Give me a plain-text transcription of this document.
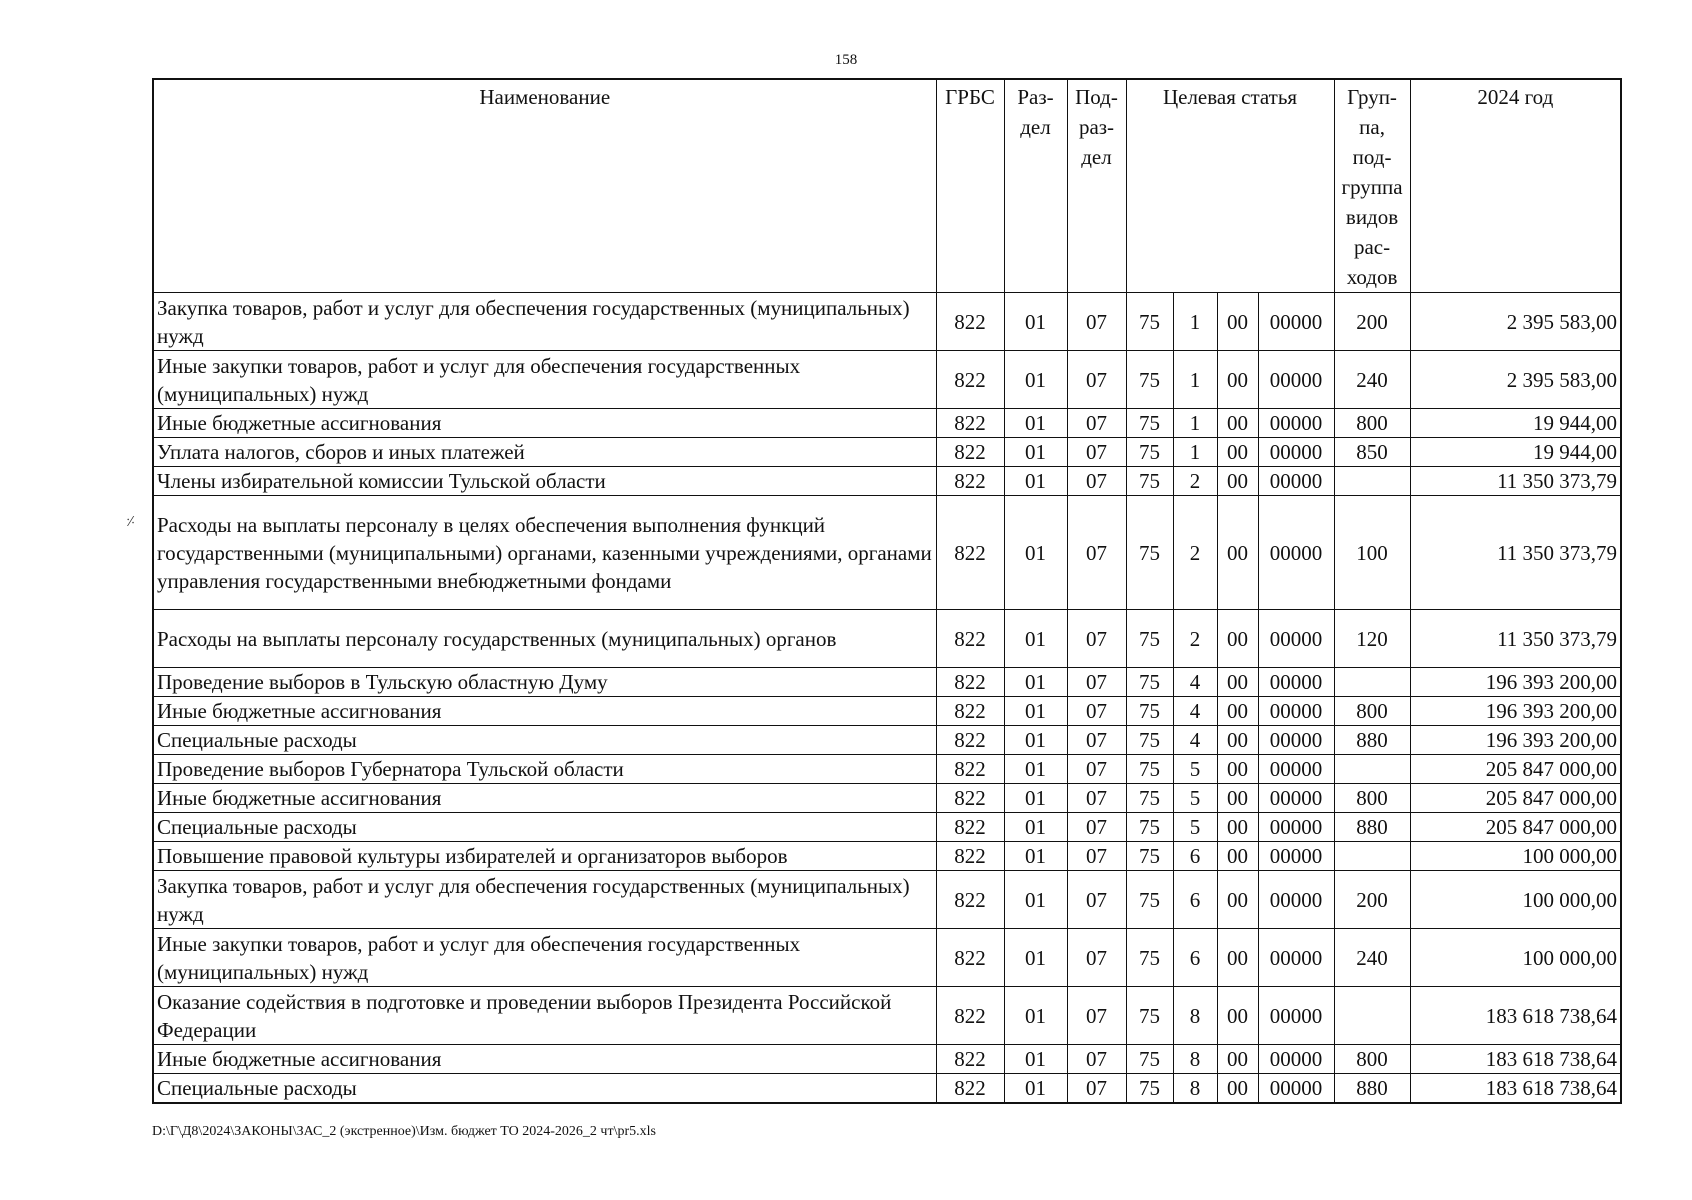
158
Наименование	ГРБС	Раз-дел	Под-раз-дел	Целевая статья				Груп-па, под-группа видов рас-ходов	2024 год
Закупка товаров, работ и услуг для обеспечения государственных (муниципальных) нужд	822	01	07	75	1	00	00000	200	2 395 583,00
Иные закупки товаров, работ и услуг для обеспечения государственных (муниципальных) нужд	822	01	07	75	1	00	00000	240	2 395 583,00
Иные бюджетные ассигнования	822	01	07	75	1	00	00000	800	19 944,00
Уплата налогов, сборов и иных платежей	822	01	07	75	1	00	00000	850	19 944,00
Члены избирательной комиссии Тульской области	822	01	07	75	2	00	00000		11 350 373,79
Расходы на выплаты персоналу в целях обеспечения выполнения функций государственными (муниципальными) органами, казенными учреждениями, органами управления государственными внебюджетными фондами	822	01	07	75	2	00	00000	100	11 350 373,79
Расходы на выплаты персоналу государственных (муниципальных) органов	822	01	07	75	2	00	00000	120	11 350 373,79
Проведение выборов в Тульскую областную Думу	822	01	07	75	4	00	00000		196 393 200,00
Иные бюджетные ассигнования	822	01	07	75	4	00	00000	800	196 393 200,00
Специальные расходы	822	01	07	75	4	00	00000	880	196 393 200,00
Проведение выборов Губернатора Тульской области	822	01	07	75	5	00	00000		205 847 000,00
Иные бюджетные ассигнования	822	01	07	75	5	00	00000	800	205 847 000,00
Специальные расходы	822	01	07	75	5	00	00000	880	205 847 000,00
Повышение правовой культуры избирателей и организаторов выборов	822	01	07	75	6	00	00000		100 000,00
Закупка товаров, работ и услуг для обеспечения государственных (муниципальных) нужд	822	01	07	75	6	00	00000	200	100 000,00
Иные закупки товаров, работ и услуг для обеспечения государственных (муниципальных) нужд	822	01	07	75	6	00	00000	240	100 000,00
Оказание содействия в подготовке и проведении выборов Президента Российской Федерации	822	01	07	75	8	00	00000		183 618 738,64
Иные бюджетные ассигнования	822	01	07	75	8	00	00000	800	183 618 738,64
Специальные расходы	822	01	07	75	8	00	00000	880	183 618 738,64
⸓
D:\Г\Д8\2024\ЗАКОНЫ\ЗАС_2 (экстренное)\Изм. бюджет ТО 2024-2026_2 чт\pr5.xls
